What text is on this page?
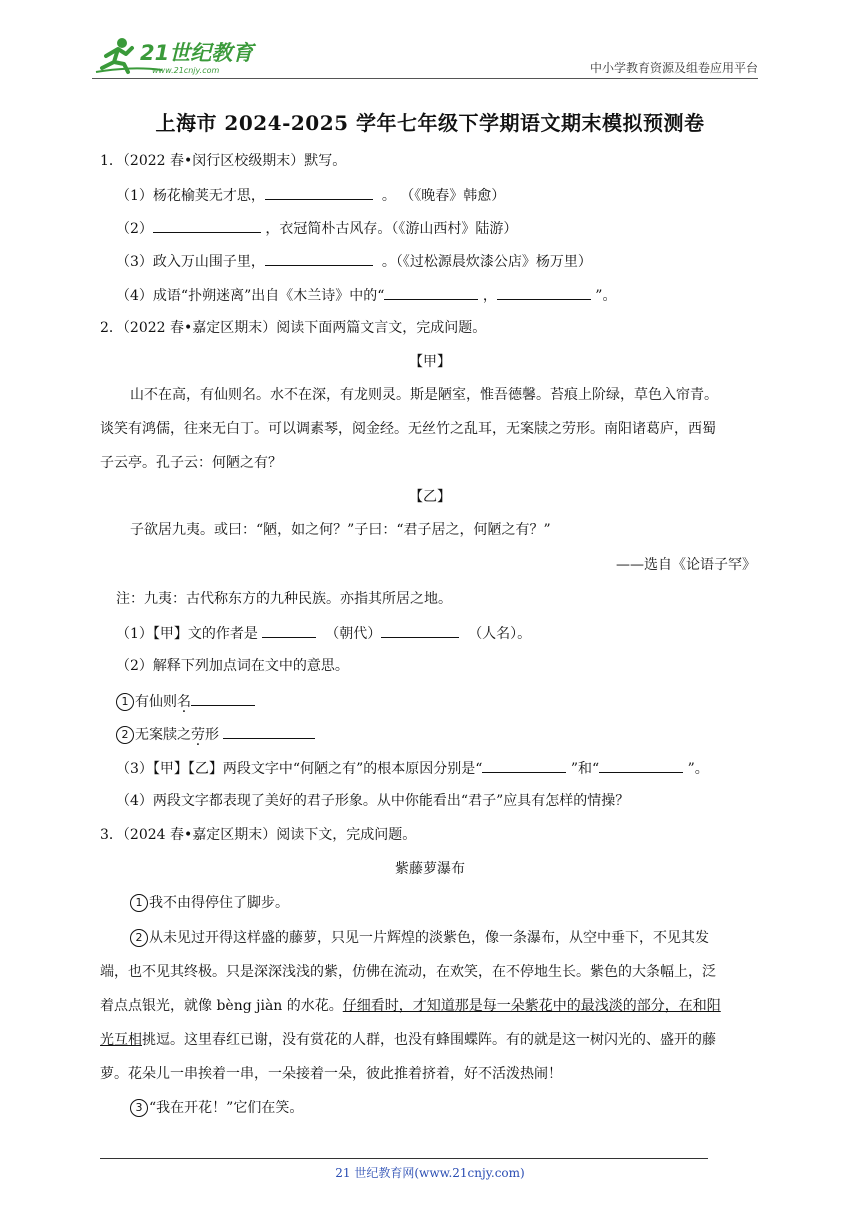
21世纪教育
www.21cnjy.com	中小学教育资源及组卷应用平台
上海市 2024-2025 学年七年级下学期语文期末模拟预测卷
1．（2022 春•闵行区校级期末）默写。
（1）杨花榆荚无才思，	。 （《晚春》韩愈）
（2）	，衣冠简朴古风存。（《游山西村》陆游）
（3）政入万山围子里，	。（《过松源晨炊漆公店》杨万里）
（4）成语“扑朔迷离”出自《木兰诗》中的“	，	”。
2．（2022 春•嘉定区期末）阅读下面两篇文言文，完成问题。
【甲】
山不在高，有仙则名。水不在深，有龙则灵。斯是陋室，惟吾德馨。苔痕上阶绿，草色入帘青。
谈笑有鸿儒，往来无白丁。可以调素琴，阅金经。无丝竹之乱耳，无案牍之劳形。南阳诸葛庐，西蜀
子云亭。孔子云：何陋之有？
【乙】
子欲居九夷。或曰：“陋，如之何？”子曰：“君子居之，何陋之有？”
——选自《论语子罕》
注：九夷：古代称东方的九种民族。亦指其所居之地。
（1）【甲】文的作者是	（朝代）	（人名）。
（2）解释下列加点词在文中的意思。
1 有仙则名
2 无案牍之劳形
（3）【甲】【乙】两段文字中“何陋之有”的根本原因分别是“	”和“	”。
（4）两段文字都表现了美好的君子形象。从中你能看出“君子”应具有怎样的情操？
3．（2024 春•嘉定区期末）阅读下文，完成问题。
紫藤萝瀑布
1 我不由得停住了脚步。
2 从未见过开得这样盛的藤萝，只见一片辉煌的淡紫色，像一条瀑布，从空中垂下，不见其发
端，也不见其终极。只是深深浅浅的紫，仿佛在流动，在欢笑，在不停地生长。紫色的大条幅上，泛
着点点银光，就像 bèng jiàn 的水花。仔细看时，才知道那是每一朵紫花中的最浅淡的部分，在和阳
光互相挑逗。这里春红已谢，没有赏花的人群，也没有蜂围蝶阵。有的就是这一树闪光的、盛开的藤
萝。花朵儿一串挨着一串，一朵接着一朵，彼此推着挤着，好不活泼热闹！
3 “我在开花！”它们在笑。
21 世纪教育网(www.21cnjy.com)
